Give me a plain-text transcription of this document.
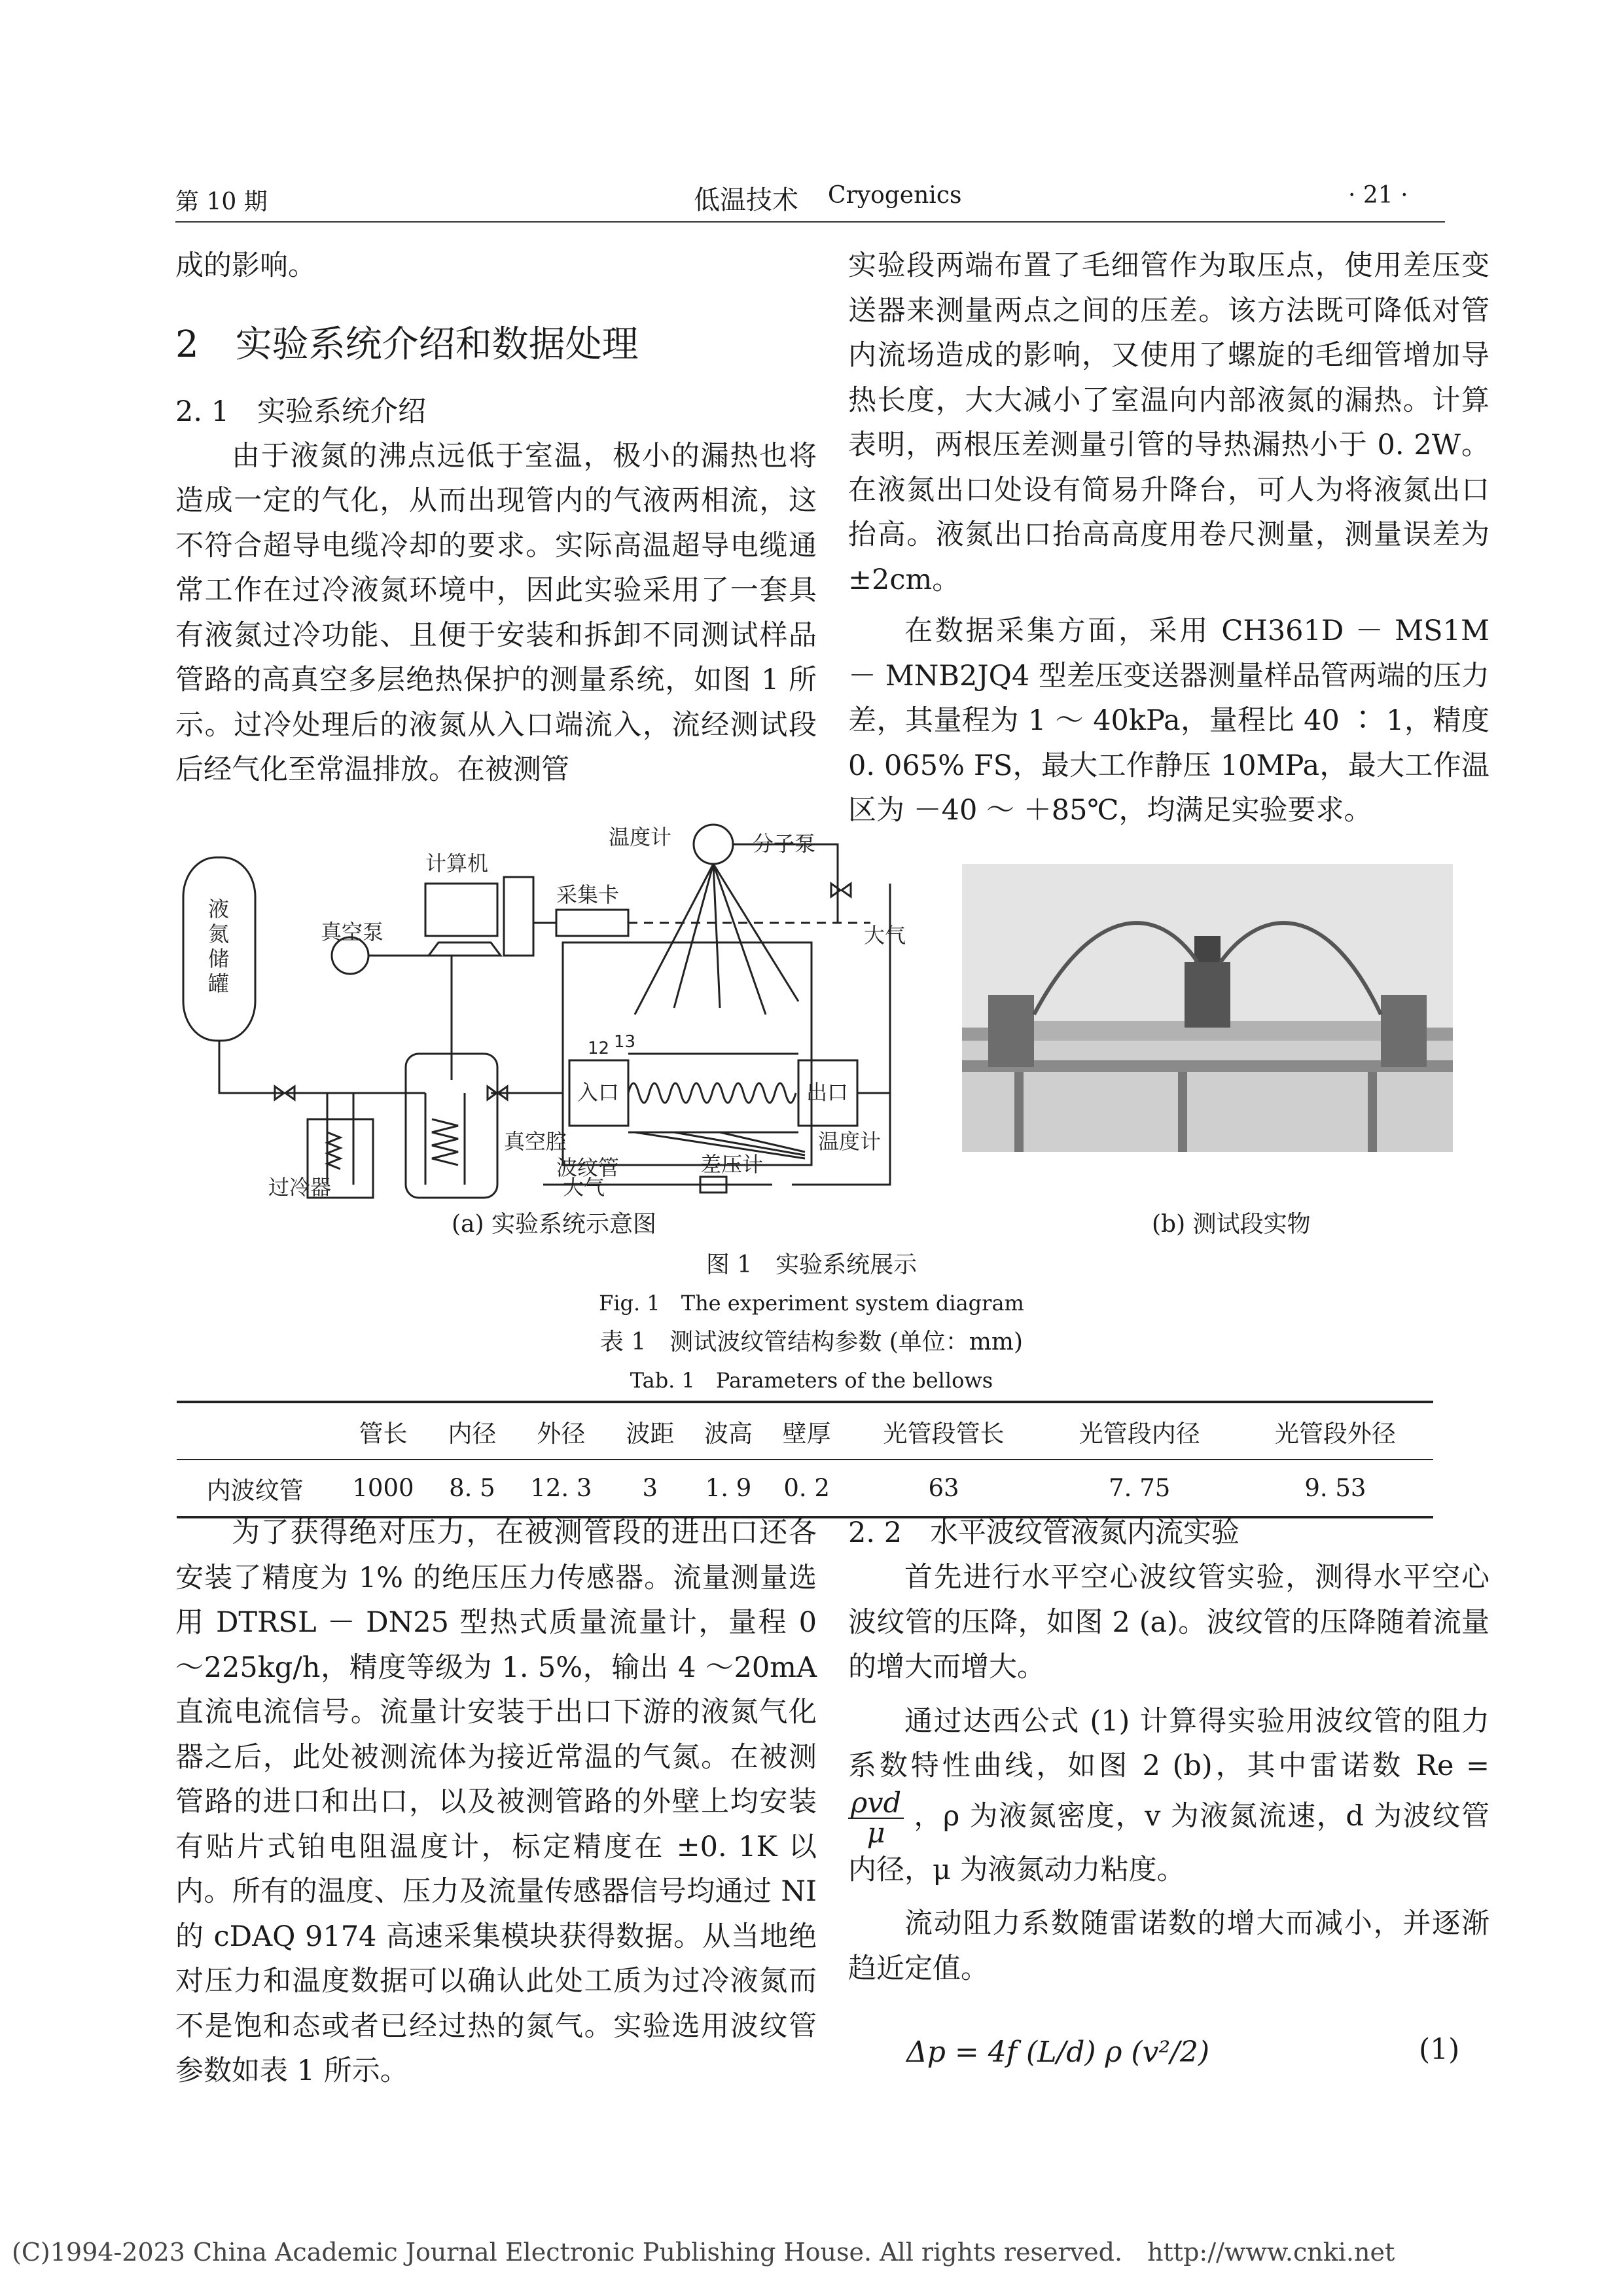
第 10 期	低温技术 Cryogenics	· 21 ·

成的影响。

2　实验系统介绍和数据处理
2. 1　实验系统介绍

由于液氮的沸点远低于室温，极小的漏热也将造成一定的气化，从而出现管内的气液两相流，这不符合超导电缆冷却的要求。实际高温超导电缆通常工作在过冷液氮环境中，因此实验采用了一套具有液氮过冷功能、且便于安装和拆卸不同测试样品管路的高真空多层绝热保护的测量系统，如图 1 所示。过冷处理后的液氮从入口端流入，流经测试段后经气化至常温排放。在被测管

实验段两端布置了毛细管作为取压点，使用差压变送器来测量两点之间的压差。该方法既可降低对管内流场造成的影响，又使用了螺旋的毛细管增加导热长度，大大减小了室温向内部液氮的漏热。计算表明，两根压差测量引管的导热漏热小于 0. 2W。在液氮出口处设有简易升降台，可人为将液氮出口抬高。液氮出口抬高高度用卷尺测量，测量误差为 ±2cm。

在数据采集方面，采用 CH361D － MS1M － MNB2JQ4 型差压变送器测量样品管两端的压力差，其量程为 1 ～ 40kPa，量程比 40 ∶ 1，精度 0. 065% FS，最大工作静压 10MPa，最大工作温区为 －40 ～ ＋85℃，均满足实验要求。

液氮储罐
计算机
采集卡
温度计	分子泵
大气
真空泵
12 13
入口	出口
真空腔
波纹管
温度计
大气
差压计
过冷器
(a) 实验系统示意图	(b) 测试段实物
图 1　实验系统展示
Fig. 1　The experiment system diagram
表 1　测试波纹管结构参数 (单位：mm)
Tab. 1　Parameters of the bellows
	管长	内径	外径	波距	波高	壁厚	光管段管长	光管段内径	光管段外径
内波纹管	1000	8. 5	12. 3	3	1. 9	0. 2	63	7. 75	9. 53

为了获得绝对压力，在被测管段的进出口还各安装了精度为 1% 的绝压压力传感器。流量测量选用 DTRSL － DN25 型热式质量流量计，量程 0 ～225kg/h，精度等级为 1. 5%，输出 4 ～20mA 直流电流信号。流量计安装于出口下游的液氮气化器之后，此处被测流体为接近常温的气氮。在被测管路的进口和出口，以及被测管路的外壁上均安装有贴片式铂电阻温度计，标定精度在 ±0. 1K 以内。所有的温度、压力及流量传感器信号均通过 NI 的 cDAQ 9174 高速采集模块获得数据。从当地绝对压力和温度数据可以确认此处工质为过冷液氮而不是饱和态或者已经过热的氮气。实验选用波纹管参数如表 1 所示。

2. 2　水平波纹管液氮内流实验

首先进行水平空心波纹管实验，测得水平空心波纹管的压降，如图 2 (a)。波纹管的压降随着流量的增大而增大。

通过达西公式 (1) 计算得实验用波纹管的阻力系数特性曲线，如图 2 (b)，其中雷诺数 Re =
ρvd
μ
，ρ 为液氮密度，v 为液氮流速，d 为波纹管内径，μ 为液氮动力粘度。

流动阻力系数随雷诺数的增大而减小，并逐渐趋近定值。

Δp = 4f (L/d) ρ (v²/2)	(1)
(C)1994-2023 China Academic Journal Electronic Publishing House. All rights reserved.　http://www.cnki.net
